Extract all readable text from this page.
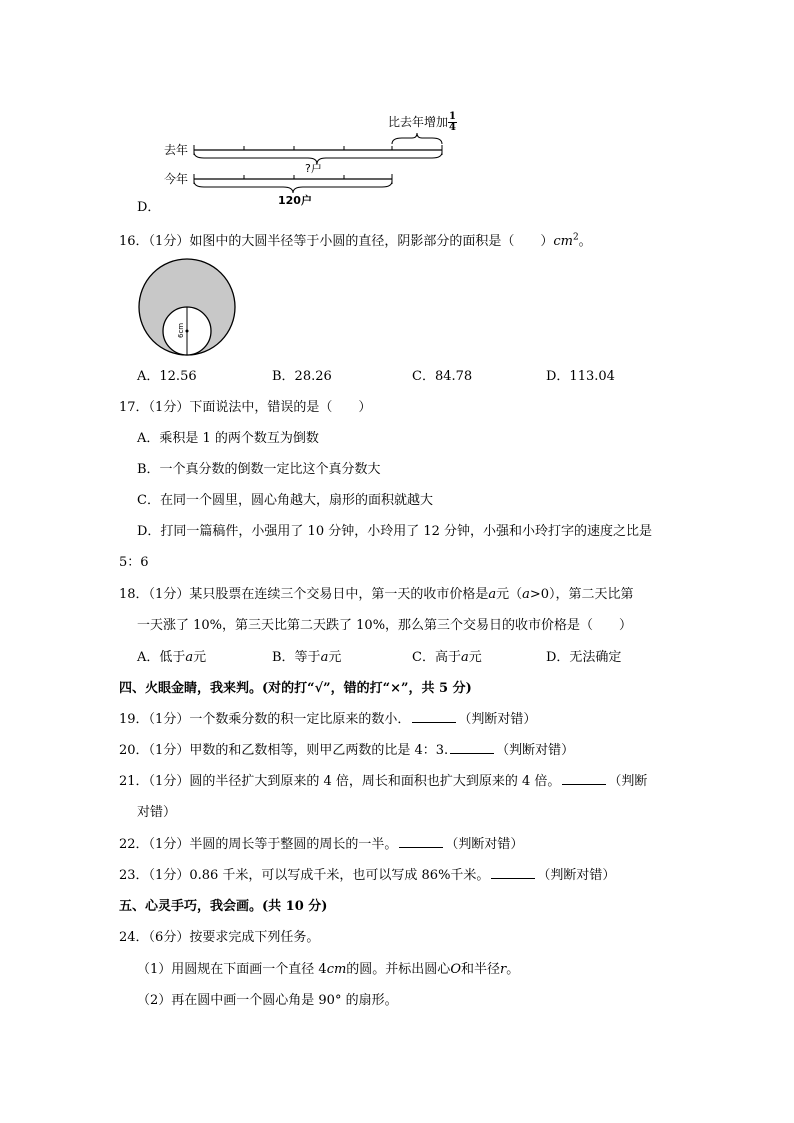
去年
今年
比去年增加 $\frac{1}{4}$
?户
120户
D．
16．（1分）如图中的大圆半径等于小圆的直径，阴影部分的面积是（　　）$cm^2$。
6cm
A．12.56	B．28.26	C．84.78	D．113.04
17．（1分）下面说法中，错误的是（　　）
A．乘积是 1 的两个数互为倒数
B．一个真分数的倒数一定比这个真分数大
C．在同一个圆里，圆心角越大，扇形的面积就越大
D．打同一篇稿件，小强用了 10 分钟，小玲用了 12 分钟，小强和小玲打字的速度之比是
5：6
18．（1分）某只股票在连续三个交易日中，第一天的收市价格是a元（a>0），第二天比第
一天涨了 10%，第三天比第二天跌了 10%，那么第三个交易日的收市价格是（　　）
A．低于a元	B．等于a元	C．高于a元	D．无法确定
四、火眼金睛，我来判。(对的打“√”，错的打“×”，共 5 分)
19．（1分）一个数乘分数的积一定比原来的数小．	（判断对错）
20．（1分）甲数的和乙数相等，则甲乙两数的比是 4：3.	（判断对错）
21．（1分）圆的半径扩大到原来的 4 倍，周长和面积也扩大到原来的 4 倍。	（判断
对错）
22．（1分）半圆的周长等于整圆的周长的一半。	（判断对错）
23．（1分）0.86 千米，可以写成千米，也可以写成 86%千米。	（判断对错）
五、心灵手巧，我会画。(共 10 分)
24．（6分）按要求完成下列任务。
（1）用圆规在下面画一个直径 4cm的圆。并标出圆心O和半径r。
（2）再在圆中画一个圆心角是 90° 的扇形。
